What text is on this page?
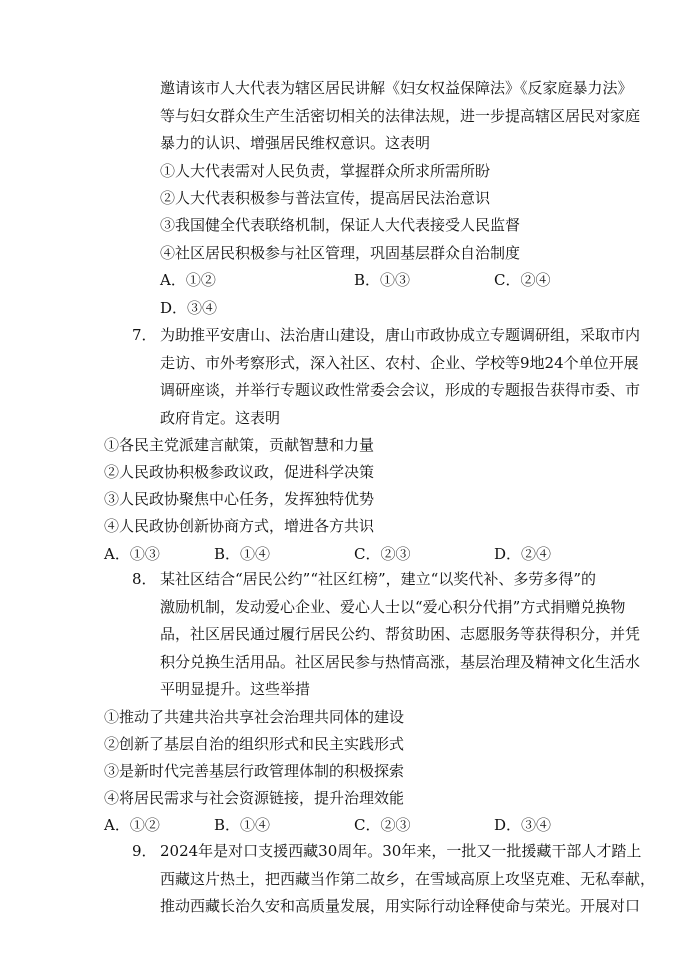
邀请该市人大代表为辖区居民讲解《妇女权益保障法》《反家庭暴力法》
等与妇女群众生产生活密切相关的法律法规，进一步提高辖区居民对家庭
暴力的认识、增强居民维权意识。这表明
①人大代表需对人民负责，掌握群众所求所需所盼
②人大代表积极参与普法宣传，提高居民法治意识
③我国健全代表联络机制，保证人大代表接受人民监督
④社区居民积极参与社区管理，巩固基层群众自治制度
A．①②	B．①③	C．②④
D．③④
7． 为助推平安唐山、法治唐山建设，唐山市政协成立专题调研组，采取市内
走访、市外考察形式，深入社区、农村、企业、学校等9地24个单位开展
调研座谈，并举行专题议政性常委会会议，形成的专题报告获得市委、市
政府肯定。这表明
①各民主党派建言献策，贡献智慧和力量
②人民政协积极参政议政，促进科学决策
③人民政协聚焦中心任务，发挥独特优势
④人民政协创新协商方式，增进各方共识
A．①③	B．①④	C．②③	D．②④
8． 某社区结合“居民公约”“社区红榜”，建立“以奖代补、多劳多得”的
激励机制，发动爱心企业、爱心人士以“爱心积分代捐”方式捐赠兑换物
品，社区居民通过履行居民公约、帮贫助困、志愿服务等获得积分，并凭
积分兑换生活用品。社区居民参与热情高涨，基层治理及精神文化生活水
平明显提升。这些举措
①推动了共建共治共享社会治理共同体的建设
②创新了基层自治的组织形式和民主实践形式
③是新时代完善基层行政管理体制的积极探索
④将居民需求与社会资源链接，提升治理效能
A．①②	B．①④	C．②③	D．③④
9． 2024年是对口支援西藏30周年。30年来，一批又一批援藏干部人才踏上
西藏这片热土，把西藏当作第二故乡，在雪域高原上攻坚克难、无私奉献，
推动西藏长治久安和高质量发展，用实际行动诠释使命与荣光。开展对口
